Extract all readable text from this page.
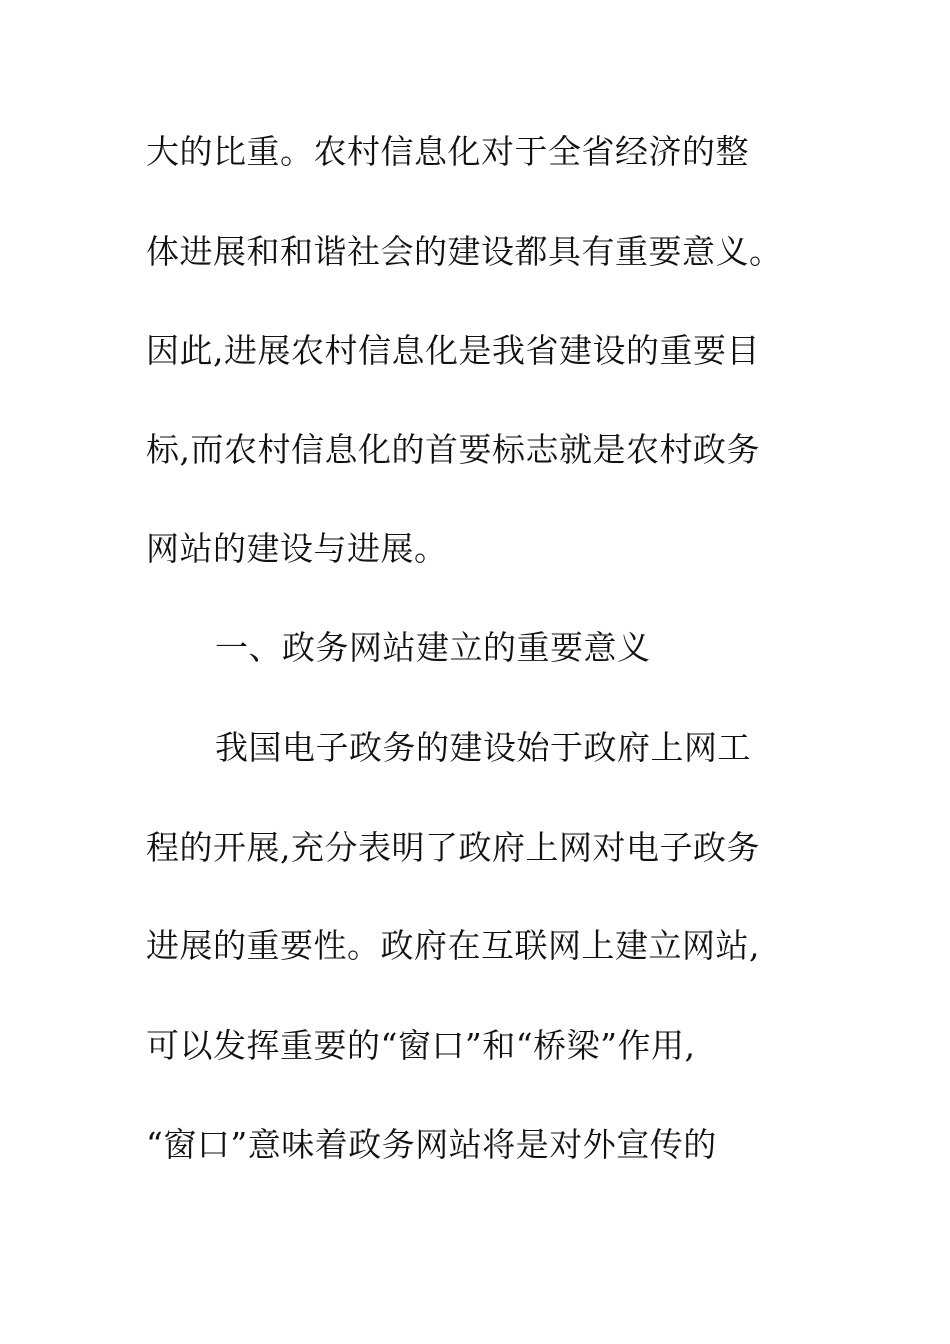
大的比重。农村信息化对于全省经济的整
体进展和和谐社会的建设都具有重要意义。
因此,进展农村信息化是我省建设的重要目
标,而农村信息化的首要标志就是农村政务
网站的建设与进展。
一、政务网站建立的重要意义
我国电子政务的建设始于政府上网工
程的开展,充分表明了政府上网对电子政务
进展的重要性。政府在互联网上建立网站,
可以发挥重要的“窗口”和“桥梁”作用,
“窗口”意味着政务网站将是对外宣传的
